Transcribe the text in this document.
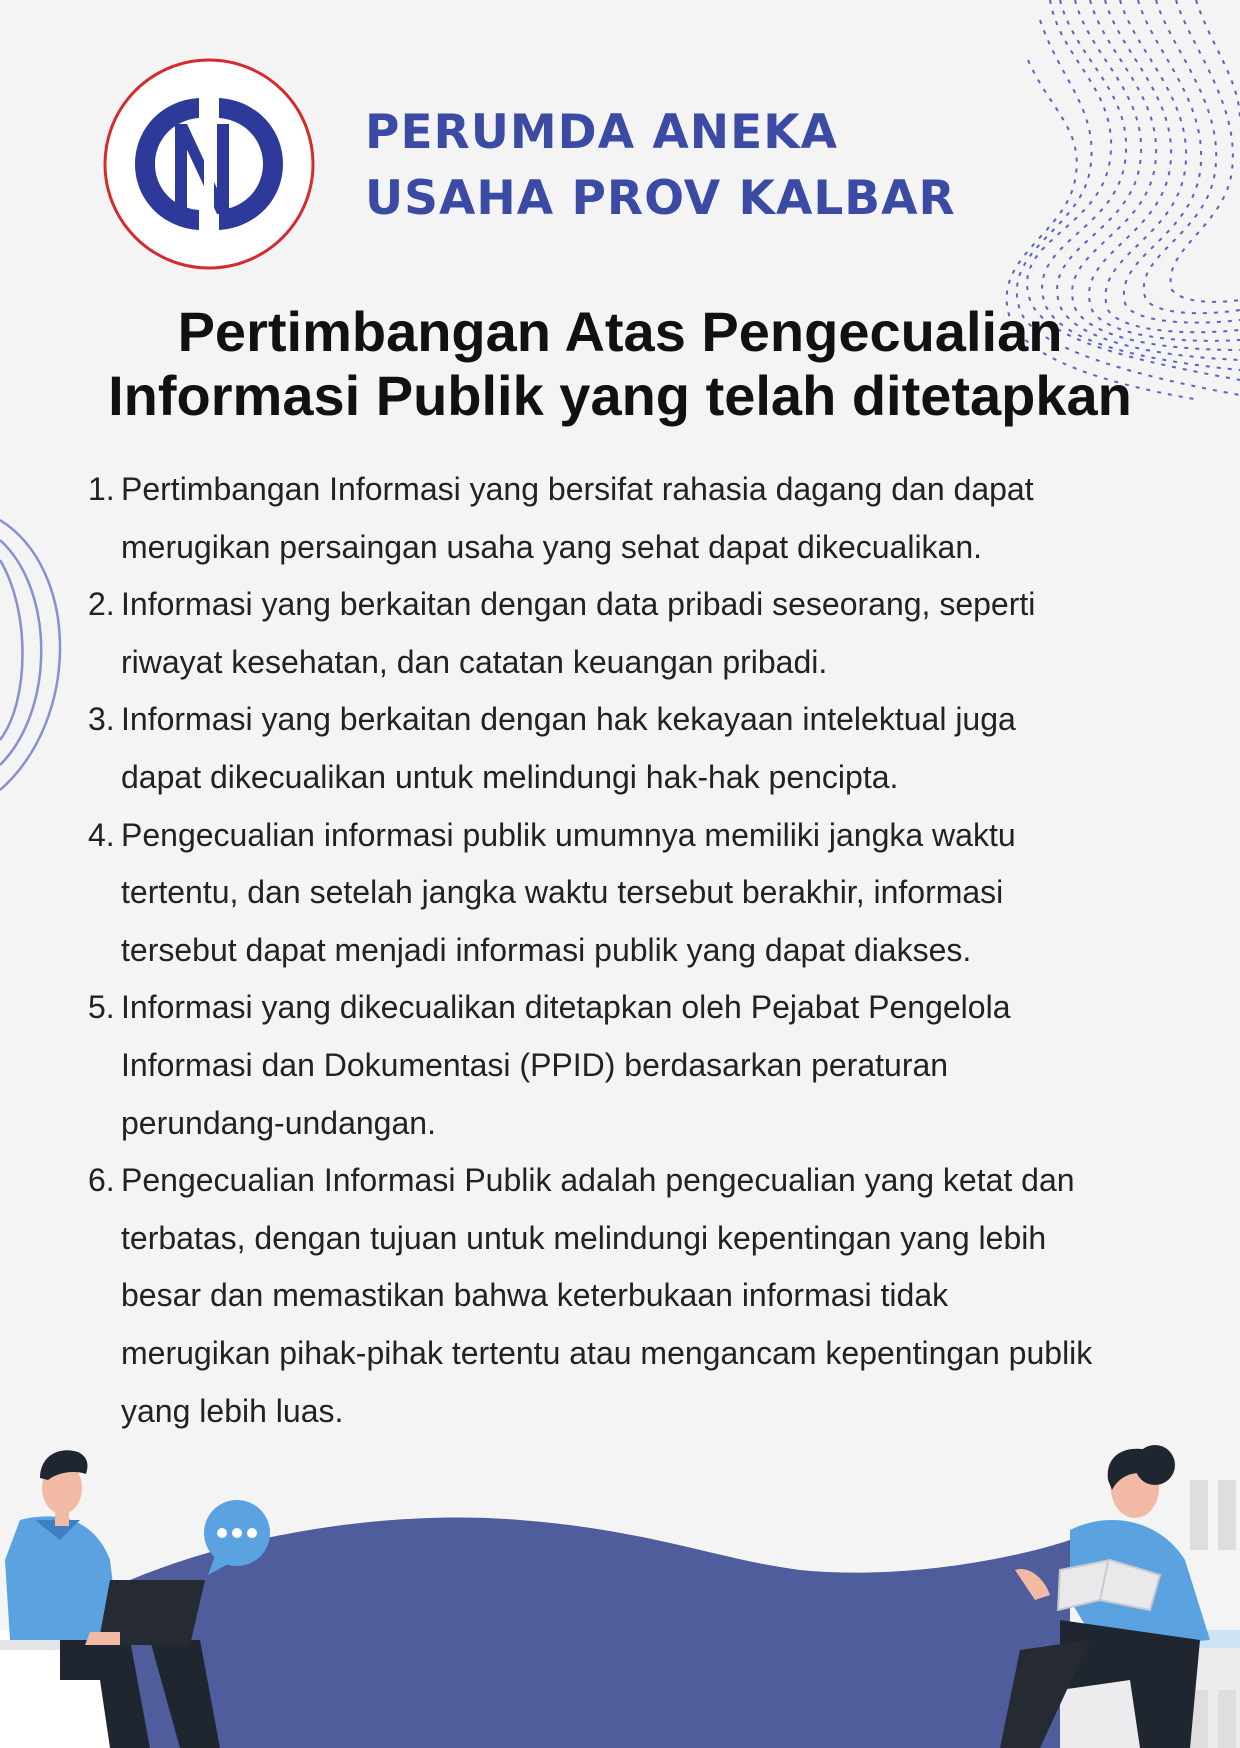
PERUMDA ANEKA
USAHA PROV KALBAR
Pertimbangan Atas Pengecualian
Informasi Publik yang telah ditetapkan
1. Pertimbangan Informasi yang bersifat rahasia dagang dan dapat
merugikan persaingan usaha yang sehat dapat dikecualikan.
2. Informasi yang berkaitan dengan data pribadi seseorang, seperti
riwayat kesehatan, dan catatan keuangan pribadi.
3. Informasi yang berkaitan dengan hak kekayaan intelektual juga
dapat dikecualikan untuk melindungi hak-hak pencipta.
4. Pengecualian informasi publik umumnya memiliki jangka waktu
tertentu, dan setelah jangka waktu tersebut berakhir, informasi
tersebut dapat menjadi informasi publik yang dapat diakses.
5. Informasi yang dikecualikan ditetapkan oleh Pejabat Pengelola
Informasi dan Dokumentasi (PPID) berdasarkan peraturan
perundang-undangan.
6. Pengecualian Informasi Publik adalah pengecualian yang ketat dan
terbatas, dengan tujuan untuk melindungi kepentingan yang lebih
besar dan memastikan bahwa keterbukaan informasi tidak
merugikan pihak-pihak tertentu atau mengancam kepentingan publik
yang lebih luas.
